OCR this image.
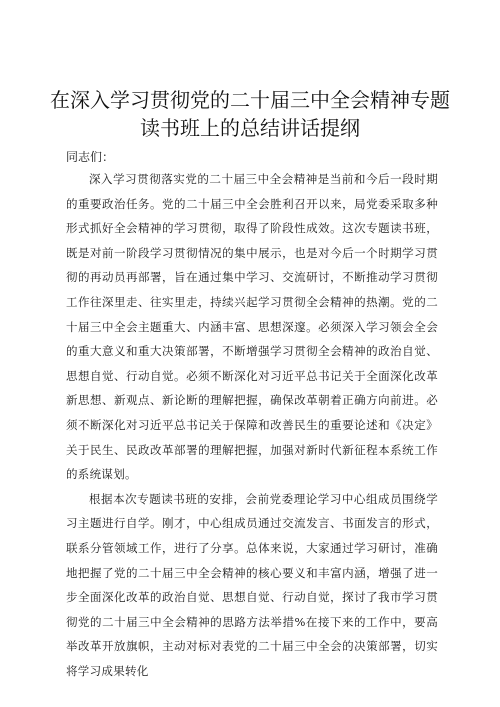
在深入学习贯彻党的二十届三中全会精神专题
读书班上的总结讲话提纲

同志们：

深入学习贯彻落实党的二十届三中全会精神是当前和今后一段时期的重要政治任务。党的二十届三中全会胜利召开以来，局党委采取多种形式抓好全会精神的学习贯彻，取得了阶段性成效。这次专题读书班，既是对前一阶段学习贯彻情况的集中展示，也是对今后一个时期学习贯彻的再动员再部署，旨在通过集中学习、交流研讨，不断推动学习贯彻工作往深里走、往实里走，持续兴起学习贯彻全会精神的热潮。党的二十届三中全会主题重大、内涵丰富、思想深邃。必须深入学习领会全会的重大意义和重大决策部署，不断增强学习贯彻全会精神的政治自觉、思想自觉、行动自觉。必须不断深化对习近平总书记关于全面深化改革新思想、新观点、新论断的理解把握，确保改革朝着正确方向前进。必须不断深化对习近平总书记关于保障和改善民生的重要论述和《决定》关于民生、民政改革部署的理解把握，加强对新时代新征程本系统工作的系统谋划。

根据本次专题读书班的安排，会前党委理论学习中心组成员围绕学习主题进行自学。刚才，中心组成员通过交流发言、书面发言的形式，联系分管领域工作，进行了分享。总体来说，大家通过学习研讨，准确地把握了党的二十届三中全会精神的核心要义和丰富内涵，增强了进一步全面深化改革的政治自觉、思想自觉、行动自觉，探讨了我市学习贯彻党的二十届三中全会精神的思路方法举措%在接下来的工作中，要高举改革开放旗帜，主动对标对表党的二十届三中全会的决策部署，切实将学习成果转化
